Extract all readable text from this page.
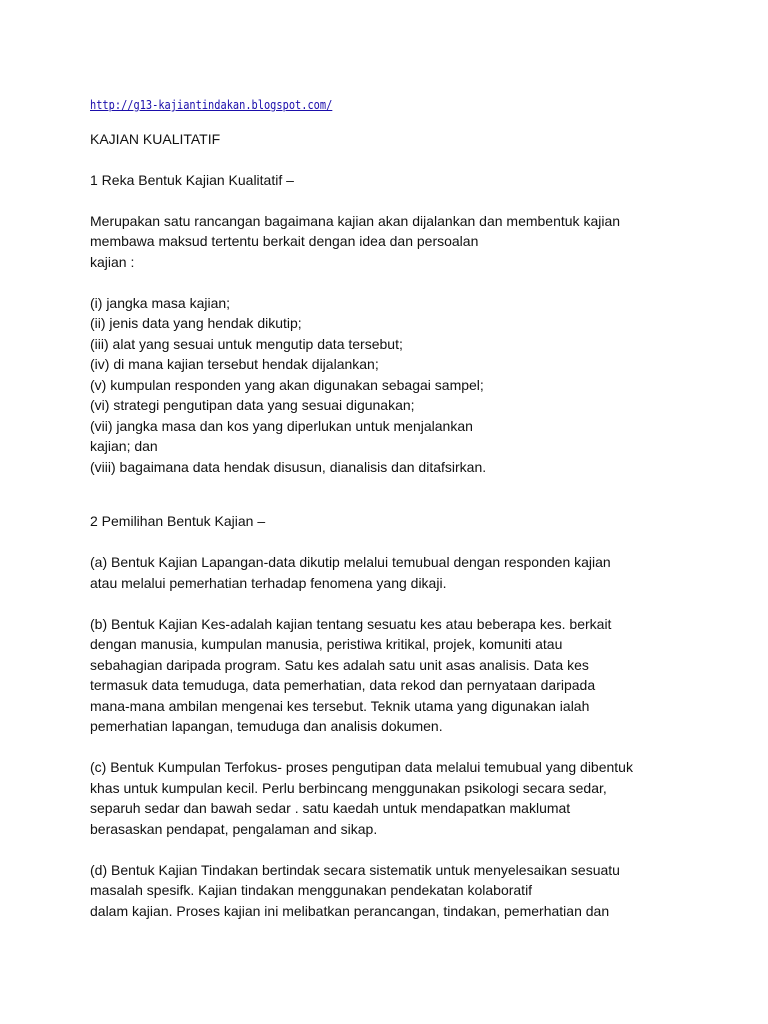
http://g13-kajiantindakan.blogspot.com/
KAJIAN KUALITATIF
1 Reka Bentuk Kajian Kualitatif –
Merupakan satu rancangan bagaimana kajian akan dijalankan dan membentuk kajian
membawa maksud tertentu berkait dengan idea dan persoalan
kajian :
(i) jangka masa kajian;
(ii) jenis data yang hendak dikutip;
(iii) alat yang sesuai untuk mengutip data tersebut;
(iv) di mana kajian tersebut hendak dijalankan;
(v) kumpulan responden yang akan digunakan sebagai sampel;
(vi) strategi pengutipan data yang sesuai digunakan;
(vii) jangka masa dan kos yang diperlukan untuk menjalankan
kajian; dan
(viii) bagaimana data hendak disusun, dianalisis dan ditafsirkan.
2 Pemilihan Bentuk Kajian –
(a) Bentuk Kajian Lapangan-data dikutip melalui temubual dengan responden kajian
atau melalui pemerhatian terhadap fenomena yang dikaji.
(b) Bentuk Kajian Kes-adalah kajian tentang sesuatu kes atau beberapa kes. berkait
dengan manusia, kumpulan manusia, peristiwa kritikal, projek, komuniti atau
sebahagian daripada program. Satu kes adalah satu unit asas analisis. Data kes
termasuk data temuduga, data pemerhatian, data rekod dan pernyataan daripada
mana-mana ambilan mengenai kes tersebut. Teknik utama yang digunakan ialah
pemerhatian lapangan, temuduga dan analisis dokumen.
(c) Bentuk Kumpulan Terfokus- proses pengutipan data melalui temubual yang dibentuk
khas untuk kumpulan kecil. Perlu berbincang menggunakan psikologi secara sedar,
separuh sedar dan bawah sedar . satu kaedah untuk mendapatkan maklumat
berasaskan pendapat, pengalaman and sikap.
(d) Bentuk Kajian Tindakan bertindak secara sistematik untuk menyelesaikan sesuatu
masalah spesifk. Kajian tindakan menggunakan pendekatan kolaboratif
dalam kajian. Proses kajian ini melibatkan perancangan, tindakan, pemerhatian dan
